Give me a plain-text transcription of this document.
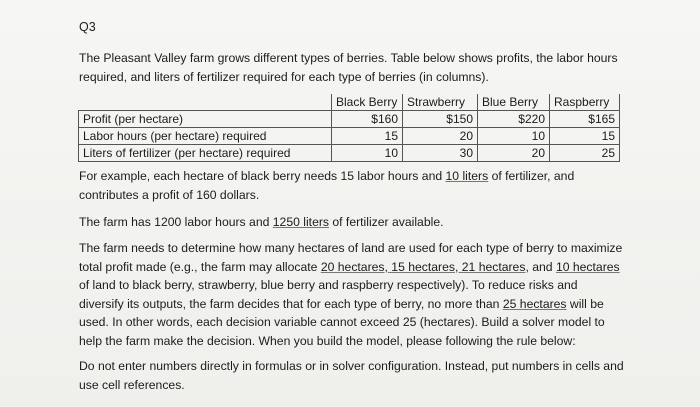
Q3
The Pleasant Valley farm grows different types of berries. Table below shows profits, the labor hours required, and liters of fertilizer required for each type of berries (in columns).
	Black Berry	Strawberry	Blue Berry	Raspberry
Profit (per hectare)	$160	$150	$220	$165
Labor hours (per hectare) required	15	20	10	15
Liters of fertilizer (per hectare) required	10	30	20	25
For example, each hectare of black berry needs 15 labor hours and 10 liters of fertilizer, and contributes a profit of 160 dollars.
The farm has 1200 labor hours and 1250 liters of fertilizer available.
The farm needs to determine how many hectares of land are used for each type of berry to maximize total profit made (e.g., the farm may allocate 20 hectares, 15 hectares, 21 hectares, and 10 hectares of land to black berry, strawberry, blue berry and raspberry respectively). To reduce risks and diversify its outputs, the farm decides that for each type of berry, no more than 25 hectares will be used. In other words, each decision variable cannot exceed 25 (hectares). Build a solver model to help the farm make the decision. When you build the model, please following the rule below:
Do not enter numbers directly in formulas or in solver configuration. Instead, put numbers in cells and use cell references.
